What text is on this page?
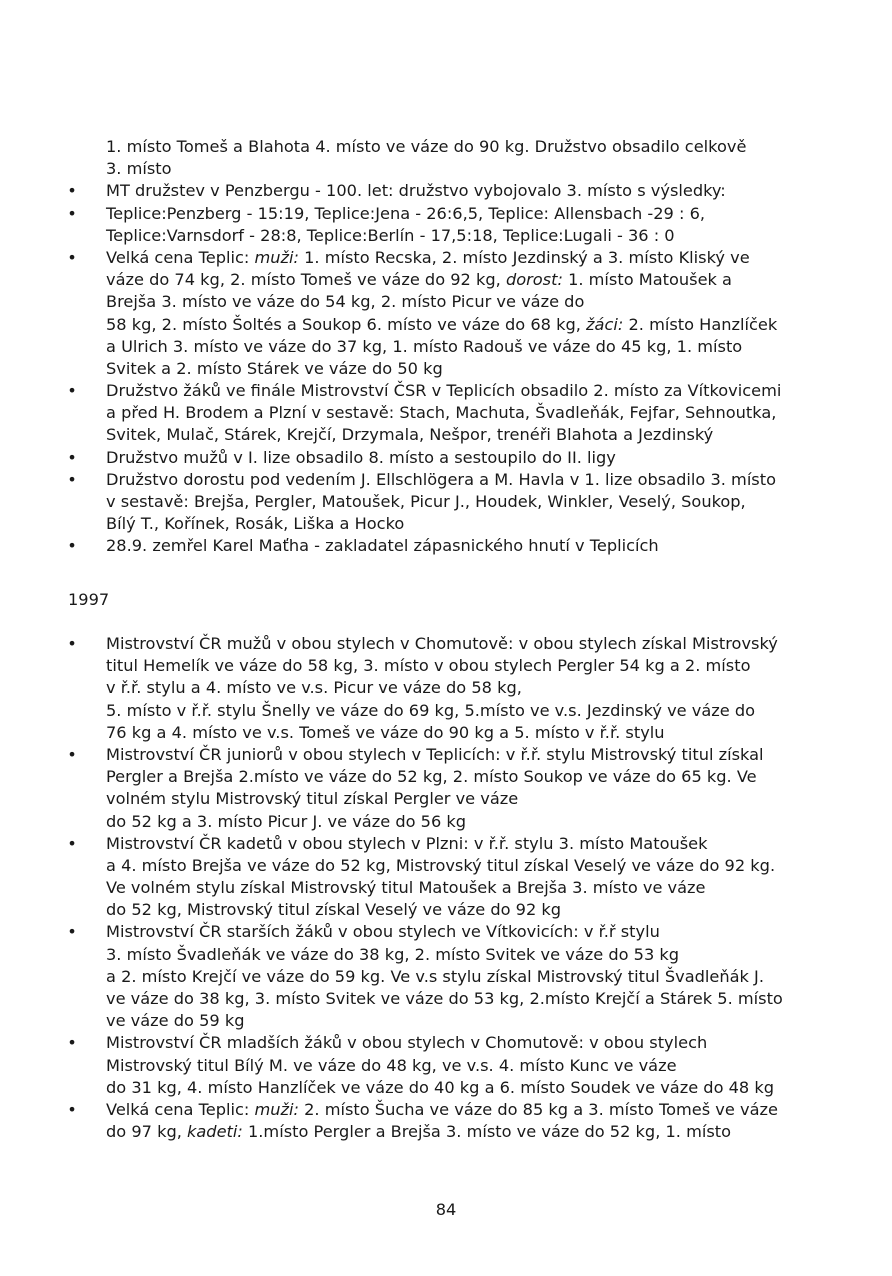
1. místo Tomeš a Blahota 4. místo ve váze do 90 kg. Družstvo obsadilo celkově
3. místo
•	MT družstev v Penzbergu - 100. let: družstvo vybojovalo 3. místo s výsledky:
•	Teplice:Penzberg - 15:19, Teplice:Jena - 26:6,5, Teplice: Allensbach -29 : 6,
Teplice:Varnsdorf - 28:8, Teplice:Berlín - 17,5:18, Teplice:Lugali - 36 : 0
•	Velká cena Teplic: muži: 1. místo Recska, 2. místo Jezdinský a 3. místo Kliský ve
váze do 74 kg, 2. místo Tomeš ve váze do 92 kg, dorost: 1. místo Matoušek a
Brejša 3. místo ve váze do 54 kg, 2. místo Picur ve váze do
58 kg, 2. místo Šoltés a Soukop 6. místo ve váze do 68 kg, žáci: 2. místo Hanzlíček
a Ulrich 3. místo ve váze do 37 kg, 1. místo Radouš ve váze do 45 kg, 1. místo
Svitek a 2. místo Stárek ve váze do 50 kg
•	Družstvo žáků ve finále Mistrovství ČSR v Teplicích obsadilo 2. místo za Vítkovicemi
a před H. Brodem a Plzní v sestavě: Stach, Machuta, Švadleňák, Fejfar, Sehnoutka,
Svitek, Mulač, Stárek, Krejčí, Drzymala, Nešpor, trenéři Blahota a Jezdinský
•	Družstvo mužů v I. lize obsadilo 8. místo a sestoupilo do II. ligy
•	Družstvo dorostu pod vedením J. Ellschlögera a M. Havla v 1. lize obsadilo 3. místo
v sestavě: Brejša, Pergler, Matoušek, Picur J., Houdek, Winkler, Veselý, Soukop,
Bílý T., Kořínek, Rosák, Liška a Hocko
•	28.9. zemřel Karel Maťha - zakladatel zápasnického hnutí v Teplicích
1997
•	Mistrovství ČR mužů v obou stylech v Chomutově: v obou stylech získal Mistrovský
titul Hemelík ve váze do 58 kg, 3. místo v obou stylech Pergler 54 kg a 2. místo
v ř.ř. stylu a 4. místo ve v.s. Picur ve váze do 58 kg,
5. místo v ř.ř. stylu Šnelly ve váze do 69 kg, 5.místo ve v.s. Jezdinský ve váze do
76 kg a 4. místo ve v.s. Tomeš ve váze do 90 kg a 5. místo v ř.ř. stylu
•	Mistrovství ČR juniorů v obou stylech v Teplicích: v ř.ř. stylu Mistrovský titul získal
Pergler a Brejša 2.místo ve váze do 52 kg, 2. místo Soukop ve váze do 65 kg. Ve
volném stylu Mistrovský titul získal Pergler ve váze
do 52 kg a 3. místo Picur J. ve váze do 56 kg
•	Mistrovství ČR kadetů v obou stylech v Plzni: v ř.ř. stylu 3. místo Matoušek
a 4. místo Brejša ve váze do 52 kg, Mistrovský titul získal Veselý ve váze do 92 kg.
Ve volném stylu získal Mistrovský titul Matoušek a Brejša 3. místo ve váze
do 52 kg, Mistrovský titul získal Veselý ve váze do 92 kg
•	Mistrovství ČR starších žáků v obou stylech ve Vítkovicích: v ř.ř stylu
3. místo Švadleňák ve váze do 38 kg, 2. místo Svitek ve váze do 53 kg
a 2. místo Krejčí ve váze do 59 kg. Ve v.s stylu získal Mistrovský titul Švadleňák J.
ve váze do 38 kg, 3. místo Svitek ve váze do 53 kg, 2.místo Krejčí a Stárek 5. místo
ve váze do 59 kg
•	Mistrovství ČR mladších žáků v obou stylech v Chomutově: v obou stylech
Mistrovský titul Bílý M. ve váze do 48 kg, ve v.s. 4. místo Kunc ve váze
do 31 kg, 4. místo Hanzlíček ve váze do 40 kg a 6. místo Soudek ve váze do 48 kg
•	Velká cena Teplic: muži: 2. místo Šucha ve váze do 85 kg a 3. místo Tomeš ve váze
do 97 kg, kadeti: 1.místo Pergler a Brejša 3. místo ve váze do 52 kg, 1. místo
84
